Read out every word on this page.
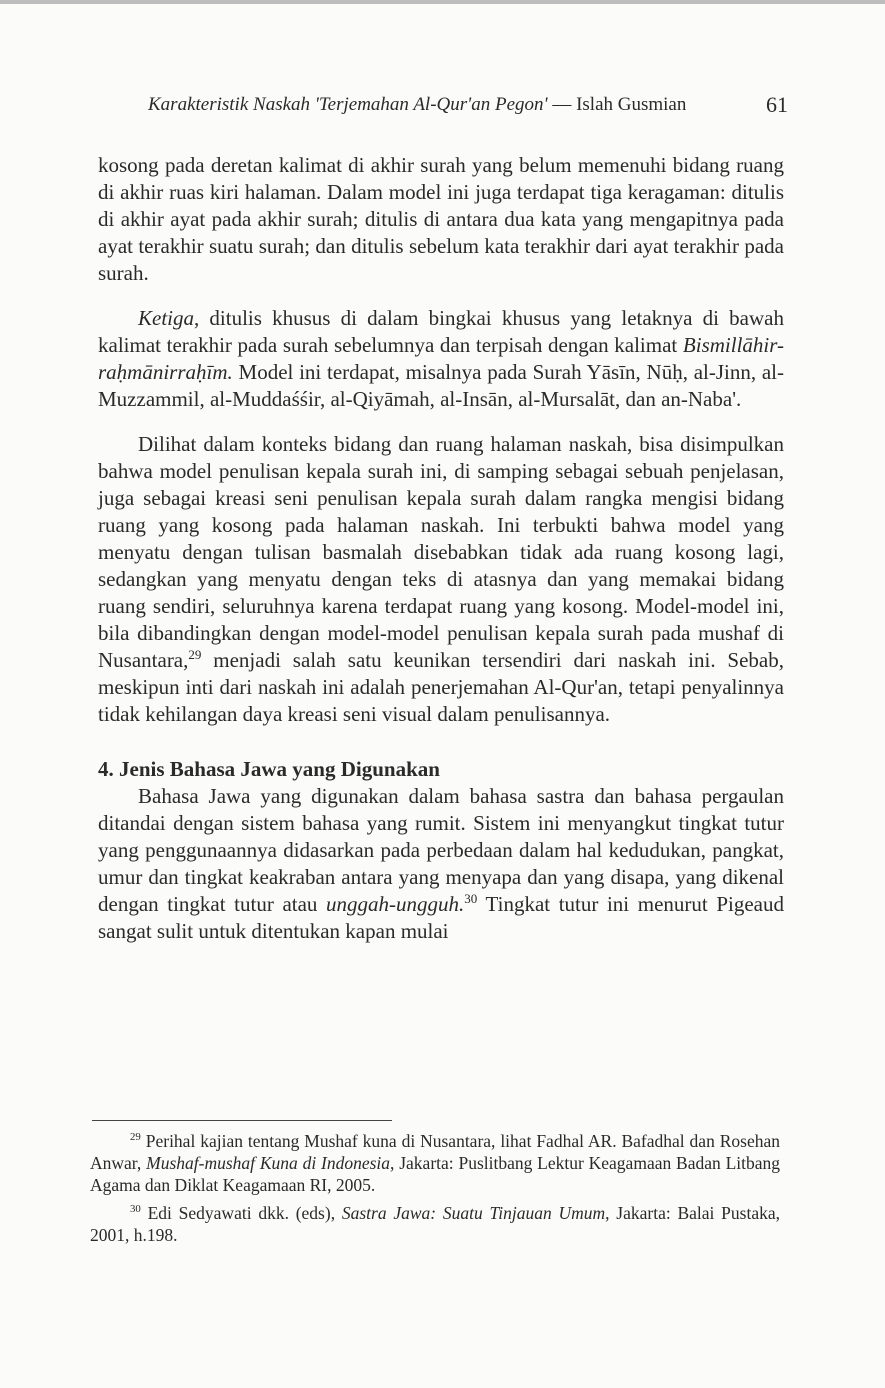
Karakteristik Naskah 'Terjemahan Al-Qur'an Pegon' — Islah Gusmian	61

kosong pada deretan kalimat di akhir surah yang belum memenuhi bidang ruang di akhir ruas kiri halaman. Dalam model ini juga terdapat tiga keragaman: ditulis di akhir ayat pada akhir surah; ditulis di antara dua kata yang mengapitnya pada ayat terakhir suatu surah; dan ditulis sebelum kata terakhir dari ayat terakhir pada surah.

Ketiga, ditulis khusus di dalam bingkai khusus yang letaknya di bawah kalimat terakhir pada surah sebelumnya dan terpisah dengan kalimat Bismillāhir-raḥmānirraḥīm. Model ini terdapat, misalnya pada Surah Yāsīn, Nūḥ, al-Jinn, al-Muzzammil, al-Muddaśśir, al-Qiyāmah, al-Insān, al-Mursalāt, dan an-Naba'.

Dilihat dalam konteks bidang dan ruang halaman naskah, bisa disimpulkan bahwa model penulisan kepala surah ini, di samping sebagai sebuah penjelasan, juga sebagai kreasi seni penulisan kepala surah dalam rangka mengisi bidang ruang yang kosong pada halaman naskah. Ini terbukti bahwa model yang menyatu dengan tulisan basmalah disebabkan tidak ada ruang kosong lagi, sedangkan yang menyatu dengan teks di atasnya dan yang memakai bidang ruang sendiri, seluruhnya karena terdapat ruang yang kosong. Model-model ini, bila dibandingkan dengan model-model penulisan kepala surah pada mushaf di Nusantara,$^{29}$ menjadi salah satu keunikan tersendiri dari naskah ini. Sebab, meskipun inti dari naskah ini adalah penerjemahan Al-Qur'an, tetapi penyalinnya tidak kehilangan daya kreasi seni visual dalam penulisannya.

4. Jenis Bahasa Jawa yang Digunakan

Bahasa Jawa yang digunakan dalam bahasa sastra dan bahasa pergaulan ditandai dengan sistem bahasa yang rumit. Sistem ini menyangkut tingkat tutur yang penggunaannya didasarkan pada perbedaan dalam hal kedudukan, pangkat, umur dan tingkat keakraban antara yang menyapa dan yang disapa, yang dikenal dengan tingkat tutur atau unggah-ungguh.$^{30}$ Tingkat tutur ini menurut Pigeaud sangat sulit untuk ditentukan kapan mulai

$^{29}$ Perihal kajian tentang Mushaf kuna di Nusantara, lihat Fadhal AR. Bafadhal dan Rosehan Anwar, Mushaf-mushaf Kuna di Indonesia, Jakarta: Puslitbang Lektur Keagamaan Badan Litbang Agama dan Diklat Keagamaan RI, 2005.

$^{30}$ Edi Sedyawati dkk. (eds), Sastra Jawa: Suatu Tinjauan Umum, Jakarta: Balai Pustaka, 2001, h.198.
